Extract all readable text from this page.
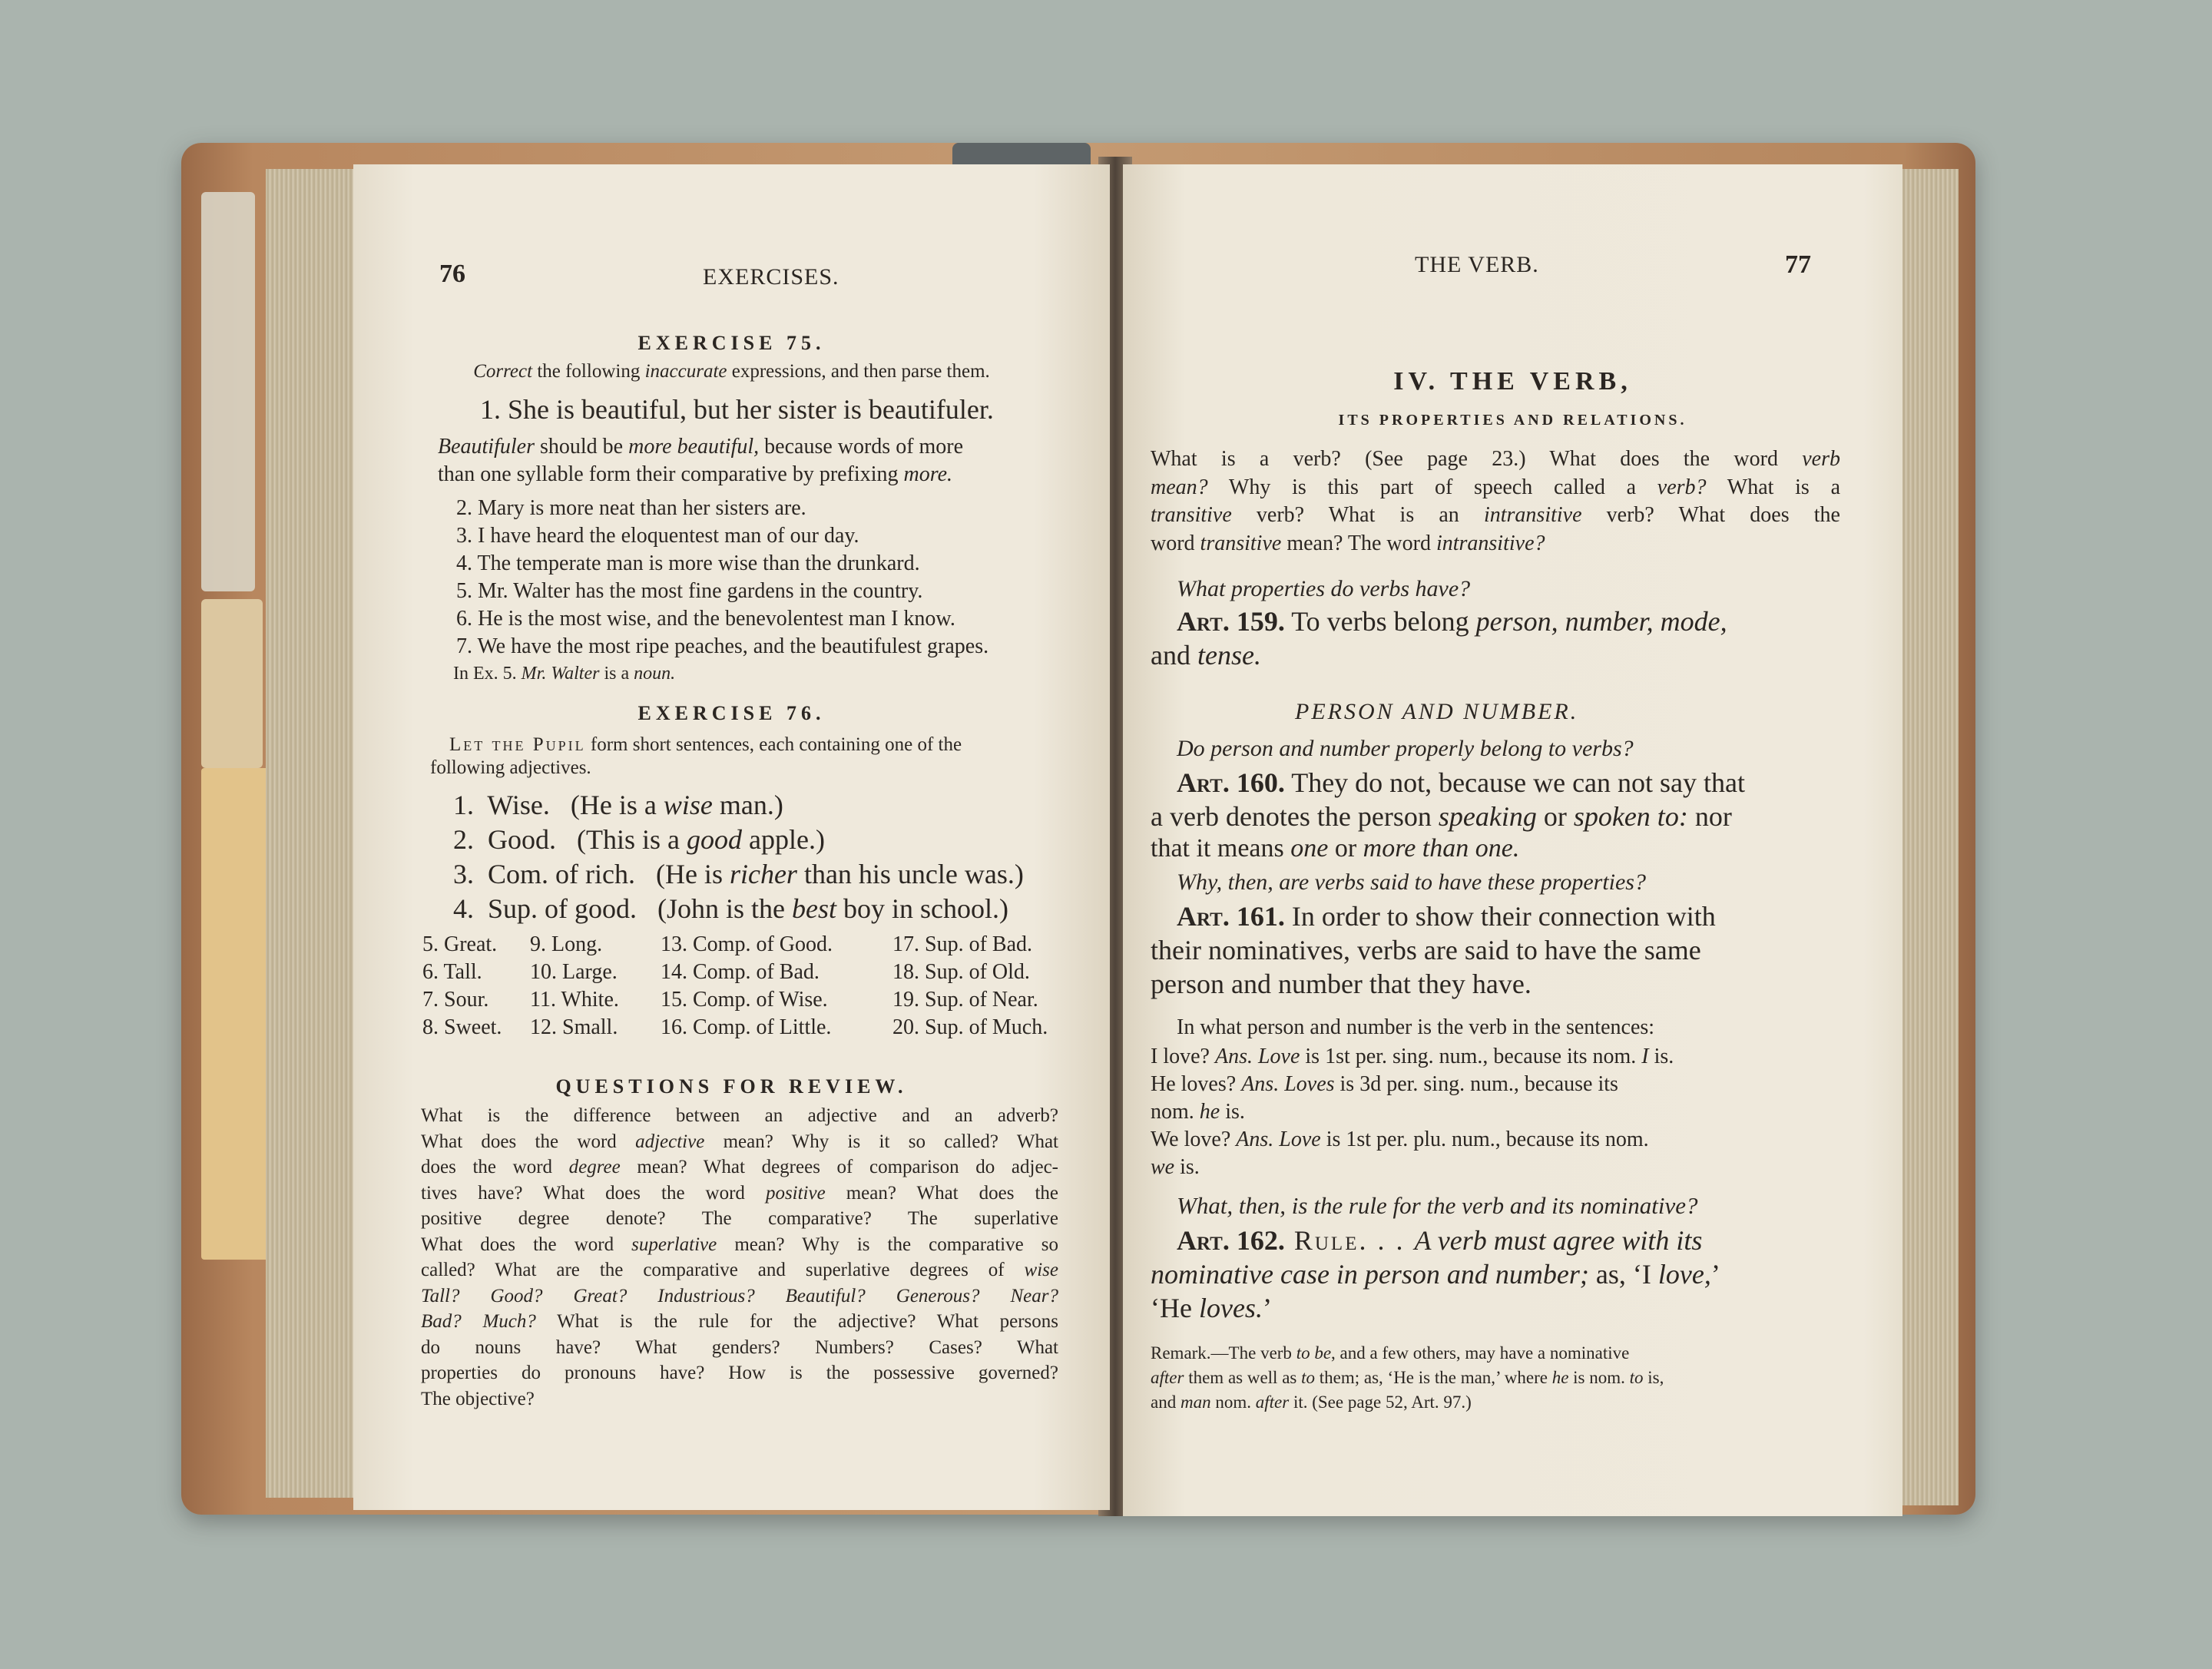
76	EXERCISES.
EXERCISE 75.
Correct the following inaccurate expressions, and then parse them.
1. She is beautiful, but her sister is beautifuler.
Beautifuler should be more beautiful, because words of more
than one syllable form their comparative by prefixing more.
2. Mary is more neat than her sisters are.
3. I have heard the eloquentest man of our day.
4. The temperate man is more wise than the drunkard.
5. Mr. Walter has the most fine gardens in the country.
6. He is the most wise, and the benevolentest man I know.
7. We have the most ripe peaches, and the beautifulest grapes.
In Ex. 5. Mr. Walter is a noun.
EXERCISE 76.
Let the Pupil form short sentences, each containing one of the
following adjectives.
1.  Wise.   (He is a wise man.)
2.  Good.   (This is a good apple.)
3.  Com. of rich.   (He is richer than his uncle was.)
4.  Sup. of good.   (John is the best boy in school.)
5. Great.	9. Long.	13. Comp. of Good.	17. Sup. of Bad.
6. Tall.	10. Large.	14. Comp. of Bad.	18. Sup. of Old.
7. Sour.	11. White.	15. Comp. of Wise.	19. Sup. of Near.
8. Sweet.	12. Small.	16. Comp. of Little.	20. Sup. of Much.
QUESTIONS FOR REVIEW.
What is the difference between an adjective and an adverb?
What does the word adjective mean? Why is it so called? What
does the word degree mean? What degrees of comparison do adjec-
tives have? What does the word positive mean? What does the
positive degree denote? The comparative? The superlative
What does the word superlative mean? Why is the comparative so
called? What are the comparative and superlative degrees of wise
Tall? Good? Great? Industrious? Beautiful? Generous? Near?
Bad? Much? What is the rule for the adjective? What persons
do nouns have? What genders? Numbers? Cases? What
properties do pronouns have? How is the possessive governed?
The objective?
THE VERB.	77
IV. THE VERB,
ITS PROPERTIES AND RELATIONS.
What is a verb? (See page 23.) What does the word verb
mean? Why is this part of speech called a verb? What is a
transitive verb? What is an intransitive verb? What does the
word transitive mean? The word intransitive?
What properties do verbs have?
Art. 159. To verbs belong person, number, mode,
and tense.
PERSON AND NUMBER.
Do person and number properly belong to verbs?
Art. 160. They do not, because we can not say that
a verb denotes the person speaking or spoken to: nor
that it means one or more than one.
Why, then, are verbs said to have these properties?
Art. 161. In order to show their connection with
their nominatives, verbs are said to have the same
person and number that they have.
In what person and number is the verb in the sentences:
I love? Ans. Love is 1st per. sing. num., because its nom. I is.
He loves? Ans. Loves is 3d per. sing. num., because its
nom. he is.
We love? Ans. Love is 1st per. plu. num., because its nom.
we is.
What, then, is the rule for the verb and its nominative?
Art. 162. Rule. . . A verb must agree with its
nominative case in person and number; as, ‘I love,’
‘He loves.’
Remark.—The verb to be, and a few others, may have a nominative
after them as well as to them; as, ‘He is the man,’ where he is nom. to is,
and man nom. after it. (See page 52, Art. 97.)
